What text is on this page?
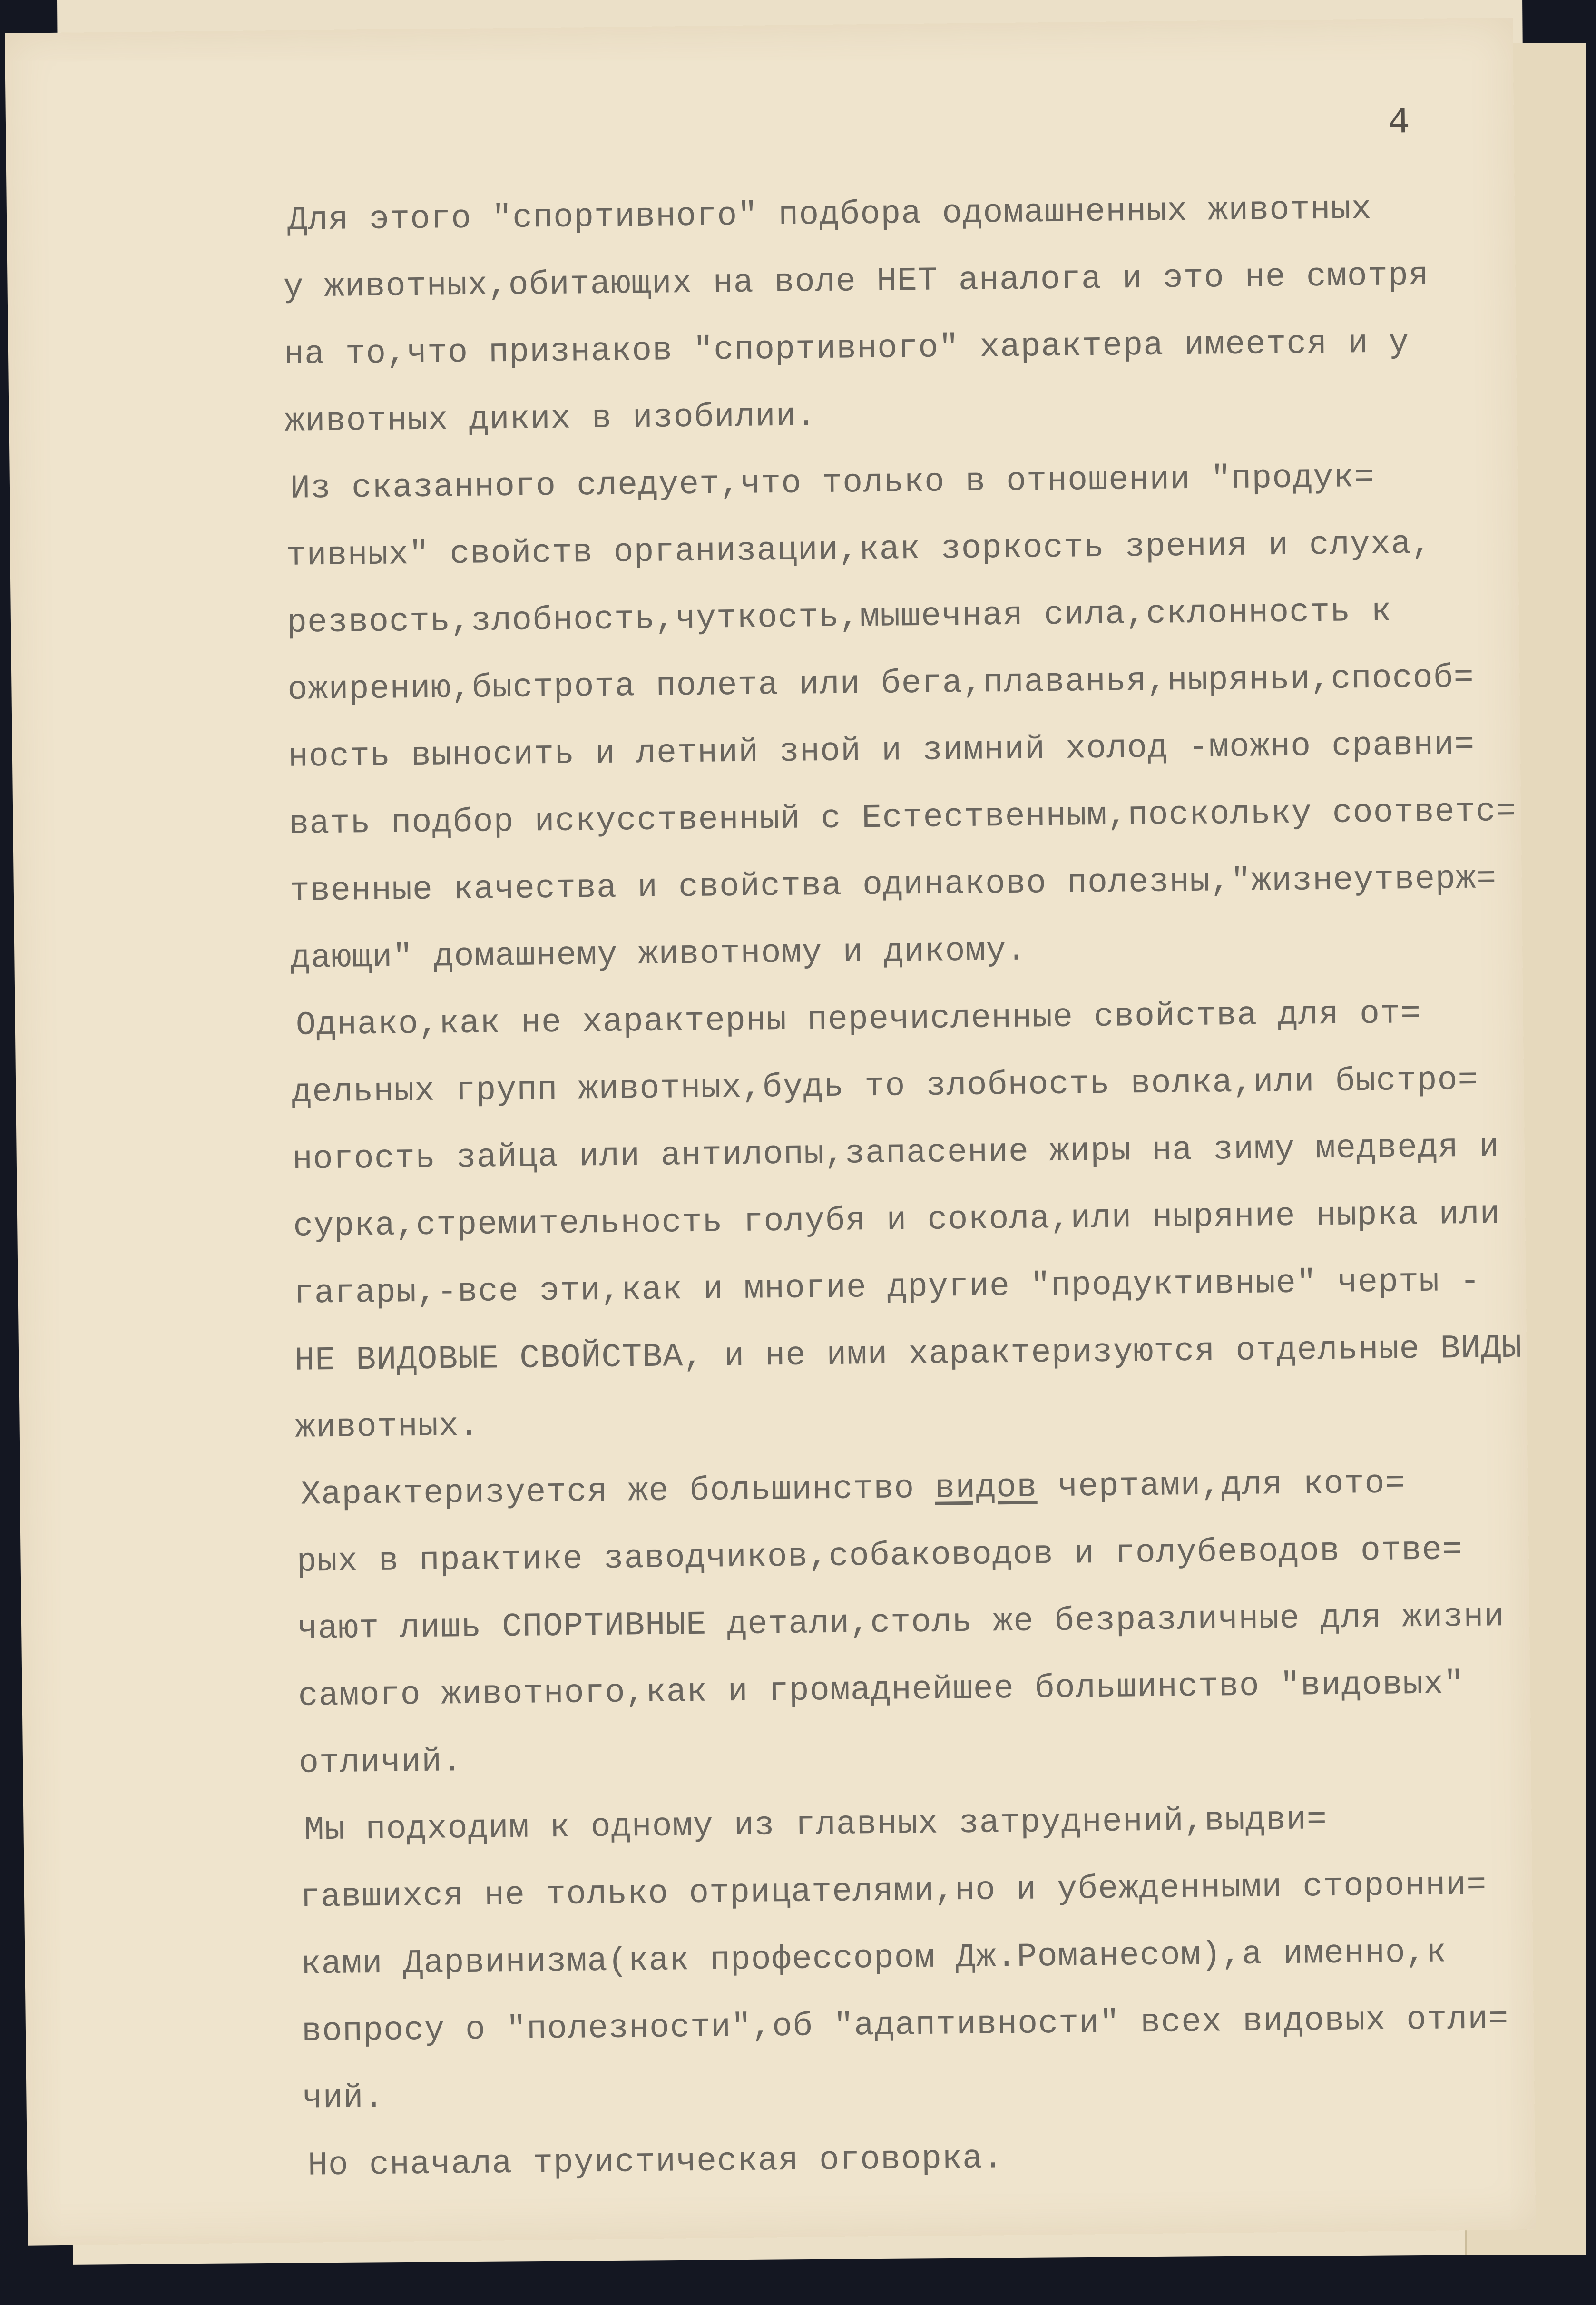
4
Для этого "спортивного" подбора одомашненных животных
у животных,обитающих на воле НЕТ аналога и это не смотря
на то,что признаков "спортивного" характера имеется и у
животных диких в изобилии.
Из сказанного следует,что только в отношении "продук=
тивных" свойств организации,как зоркость зрения и слуха,
резвость,злобность,чуткость,мышечная сила,склонность к
ожирению,быстрота полета или бега,плаванья,ныряньи,способ=
ность выносить и летний зной и зимний холод -можно сравни=
вать подбор искусственный с Естественным,поскольку соответс=
твенные качества и свойства одинаково полезны,"жизнеутверж=
дающи" домашнему животному и дикому.
Однако,как не характерны перечисленные свойства для от=
дельных групп животных,будь то злобность волка,или быстро=
ногость зайца или антилопы,запасение жиры на зиму медведя и
сурка,стремительность голубя и сокола,или ныряние нырка или
гагары,-все эти,как и многие другие "продуктивные" черты -
НЕ ВИДОВЫЕ СВОЙСТВА, и не ими характеризуются отдельные ВИДЫ
животных.
Характеризуется же большинство видов чертами,для кото=
рых в практике заводчиков,собаководов и голубеводов отве=
чают лишь СПОРТИВНЫЕ детали,столь же безразличные для жизни
самого животного,как и громаднейшее большинство "видовых"
отличий.
Мы подходим к одному из главных затруднений,выдви=
гавшихся не только отрицателями,но и убежденными сторонни=
ками Дарвинизма(как профессором Дж.Романесом),а именно,к
вопросу о "полезности",об "адаптивности" всех видовых отли=
чий.
Но сначала труистическая оговорка.
